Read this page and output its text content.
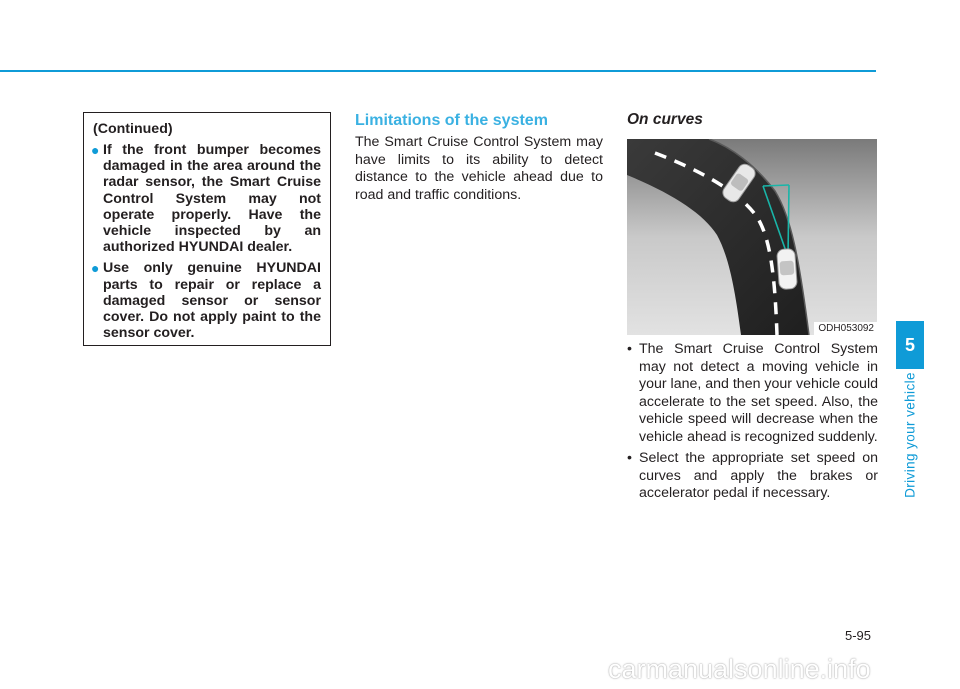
(Continued)

● If the front bumper becomes damaged in the area around the radar sensor, the Smart Cruise Control System may not operate properly. Have the vehicle inspected by an authorized HYUNDAI dealer.
● Use only genuine HYUNDAI parts to repair or replace a damaged sensor or sensor cover. Do not apply paint to the sensor cover.
Limitations of the system

The Smart Cruise Control System may have limits to its ability to detect distance to the vehicle ahead due to road and traffic conditions.

On curves
ODH053092
• The Smart Cruise Control System may not detect a moving vehicle in your lane, and then your vehicle could accelerate to the set speed. Also, the vehicle speed will decrease when the vehicle ahead is recognized suddenly.
• Select the appropriate set speed on curves and apply the brakes or accelerator pedal if necessary.
5
Driving your vehicle
5-95
carmanualsonline.info
